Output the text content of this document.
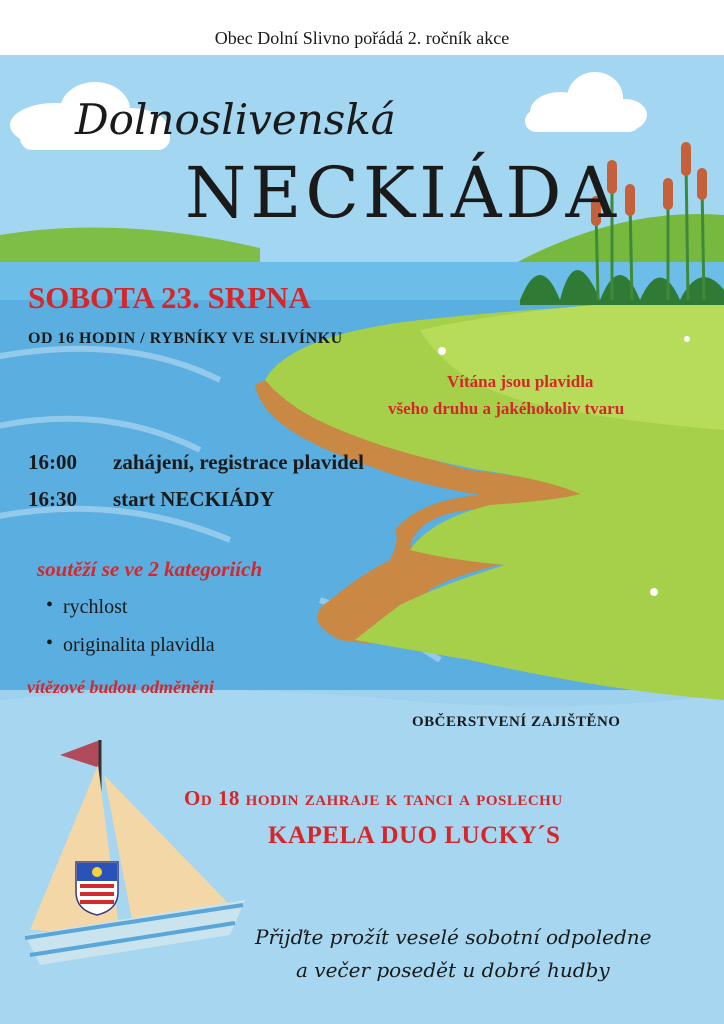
Obec Dolní Slivno pořádá 2. ročník akce

Dolnoslivenská

NECKIÁDA

SOBOTA 23. SRPNA

OD 16 HODIN / RYBNÍKY VE SLIVÍNKU

Vítána jsou plavidla

všeho druhu a jakéhokoliv tvaru

16:00 zahájení, registrace plavidel

16:30 start NECKIÁDY

soutěží se ve 2 kategoriích

• rychlost

• originalita plavidla

vítězové budou odměněni

OBČERSTVENÍ ZAJIŠTĚNO

Od 18 hodin zahraje k tanci a poslechu

KAPELA DUO LUCKY´S

Přijďte prožít veselé sobotní odpoledne

a večer posedět u dobré hudby
